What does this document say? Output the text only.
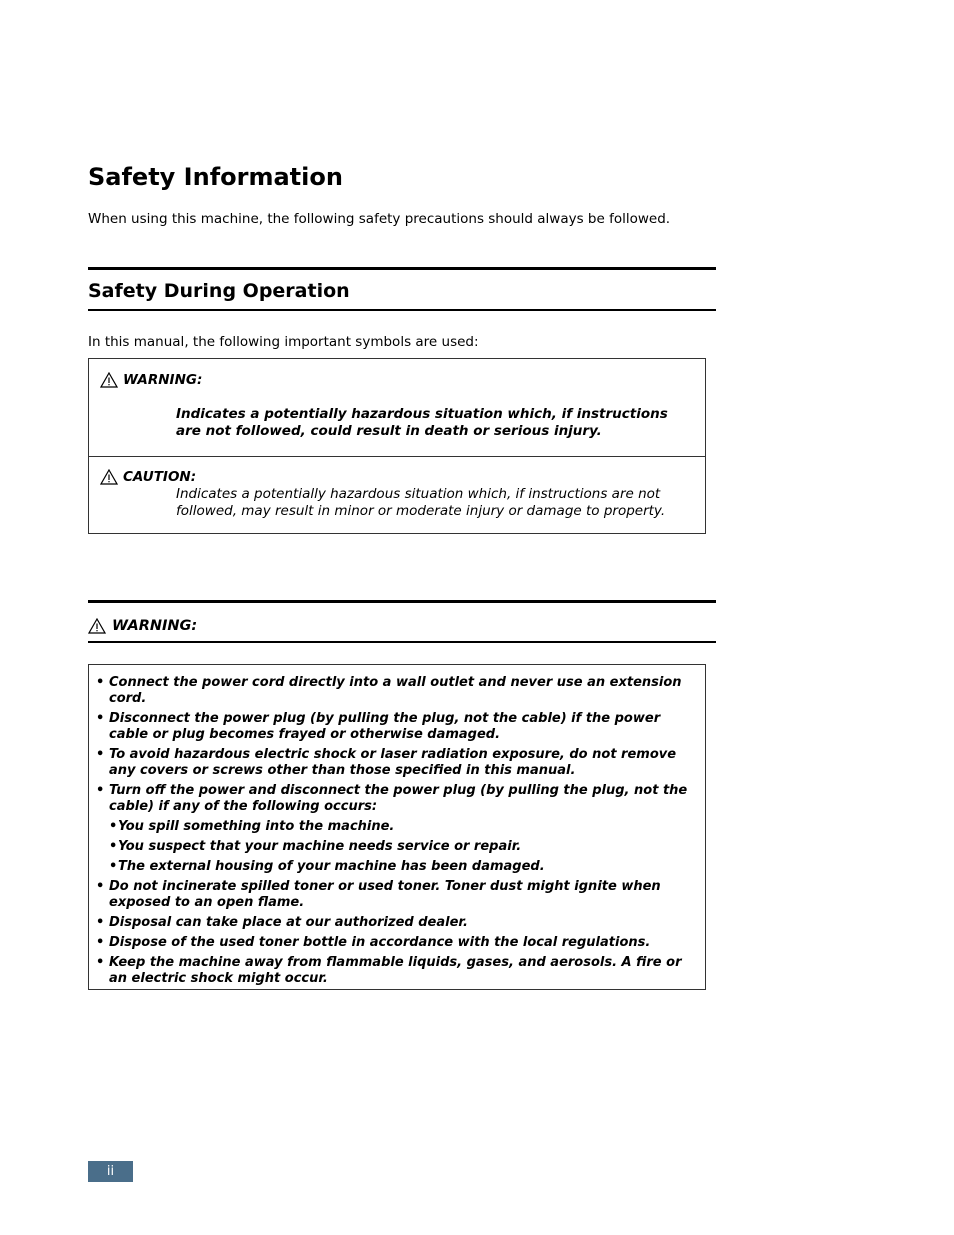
Safety Information
When using this machine, the following safety precautions should always be followed.
Safety During Operation
In this manual, the following important symbols are used:
WARNING:
Indicates a potentially hazardous situation which, if instructions are not followed, could result in death or serious injury.
CAUTION:
Indicates a potentially hazardous situation which, if instructions are not followed, may result in minor or moderate injury or damage to property.
WARNING:
• Connect the power cord directly into a wall outlet and never use an extension cord.
• Disconnect the power plug (by pulling the plug, not the cable) if the power cable or plug becomes frayed or otherwise damaged.
• To avoid hazardous electric shock or laser radiation exposure, do not remove any covers or screws other than those specified in this manual.
• Turn off the power and disconnect the power plug (by pulling the plug, not the cable) if any of the following occurs:
• You spill something into the machine.
• You suspect that your machine needs service or repair.
• The external housing of your machine has been damaged.
• Do not incinerate spilled toner or used toner. Toner dust might ignite when exposed to an open flame.
• Disposal can take place at our authorized dealer.
• Dispose of the used toner bottle in accordance with the local regulations.
• Keep the machine away from flammable liquids, gases, and aerosols. A fire or an electric shock might occur.
ii
